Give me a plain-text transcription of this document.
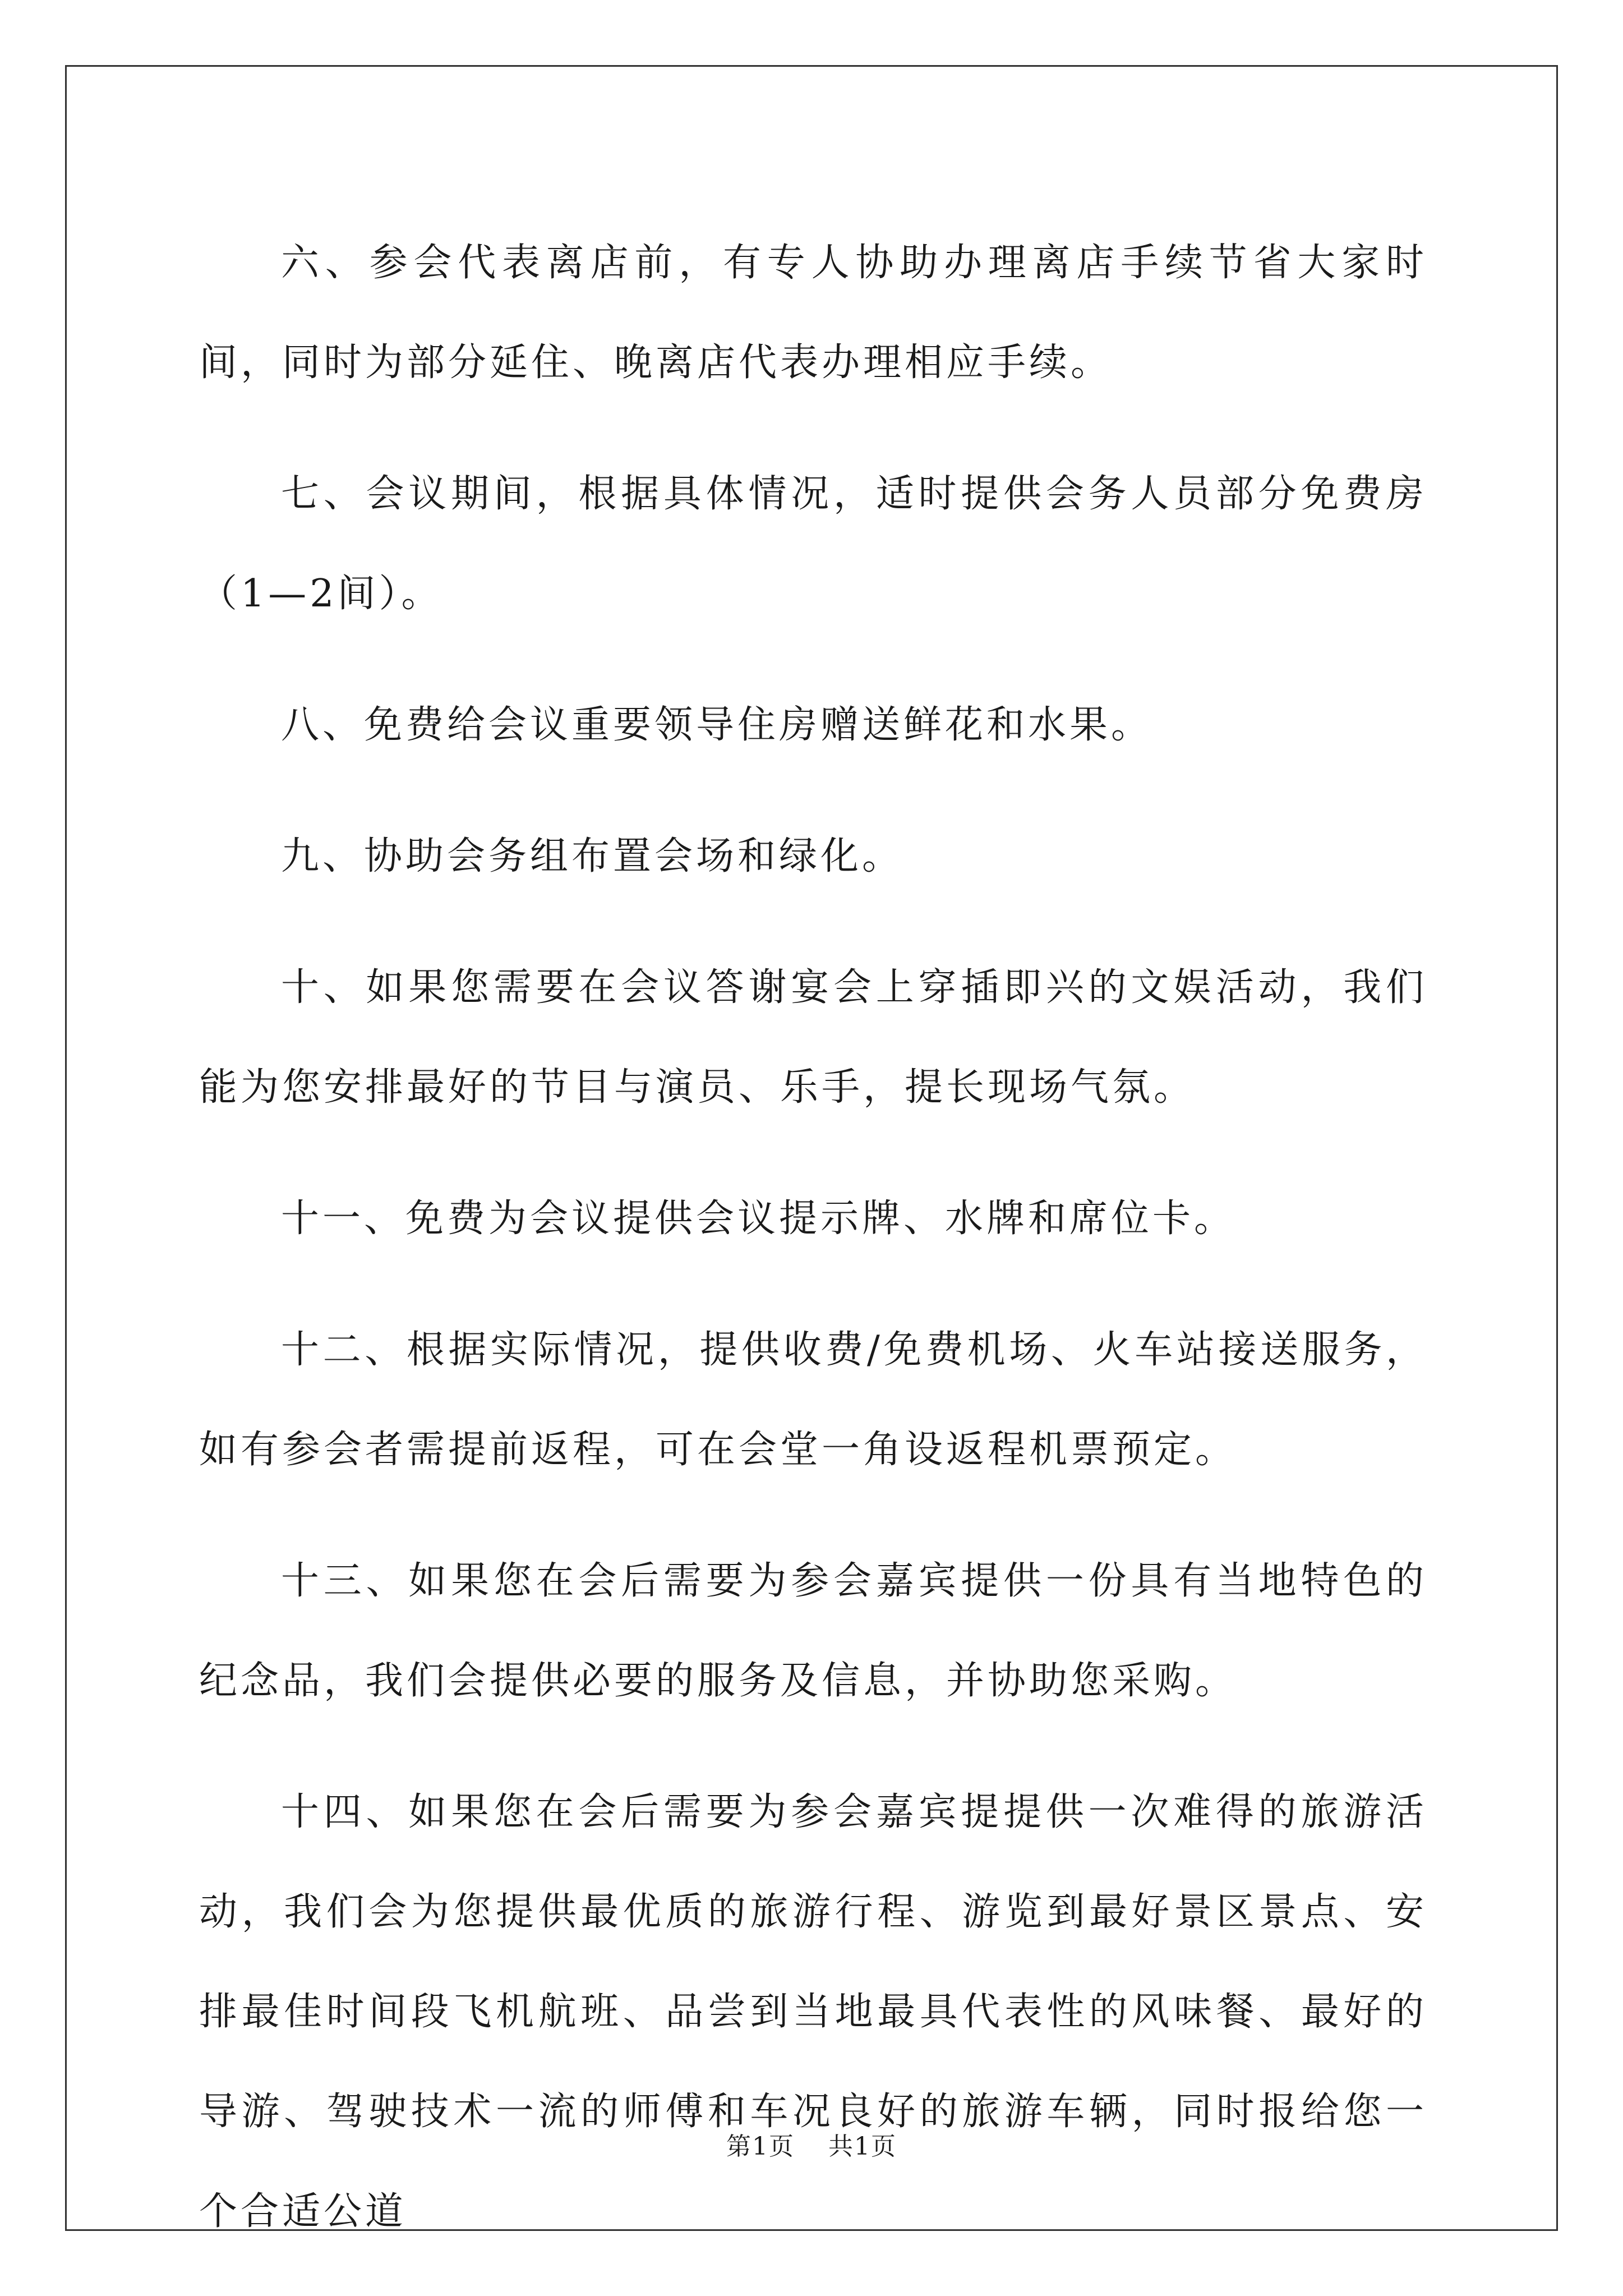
六、参会代表离店前，有专人协助办理离店手续节省大家时间，同时为部分延住、晚离店代表办理相应手续。

七、会议期间，根据具体情况，适时提供会务人员部分免费房（1—2间）。

八、免费给会议重要领导住房赠送鲜花和水果。

九、协助会务组布置会场和绿化。

十、如果您需要在会议答谢宴会上穿插即兴的文娱活动，我们能为您安排最好的节目与演员、乐手，提长现场气氛。

十一、免费为会议提供会议提示牌、水牌和席位卡。

十二、根据实际情况，提供收费/免费机场、火车站接送服务，如有参会者需提前返程，可在会堂一角设返程机票预定。

十三、如果您在会后需要为参会嘉宾提供一份具有当地特色的纪念品，我们会提供必要的服务及信息，并协助您采购。

十四、如果您在会后需要为参会嘉宾提提供一次难得的旅游活动，我们会为您提供最优质的旅游行程、游览到最好景区景点、安排最佳时间段飞机航班、品尝到当地最具代表性的风味餐、最好的导游、驾驶技术一流的师傅和车况良好的旅游车辆，同时报给您一个合适公道

第1页 共1页
